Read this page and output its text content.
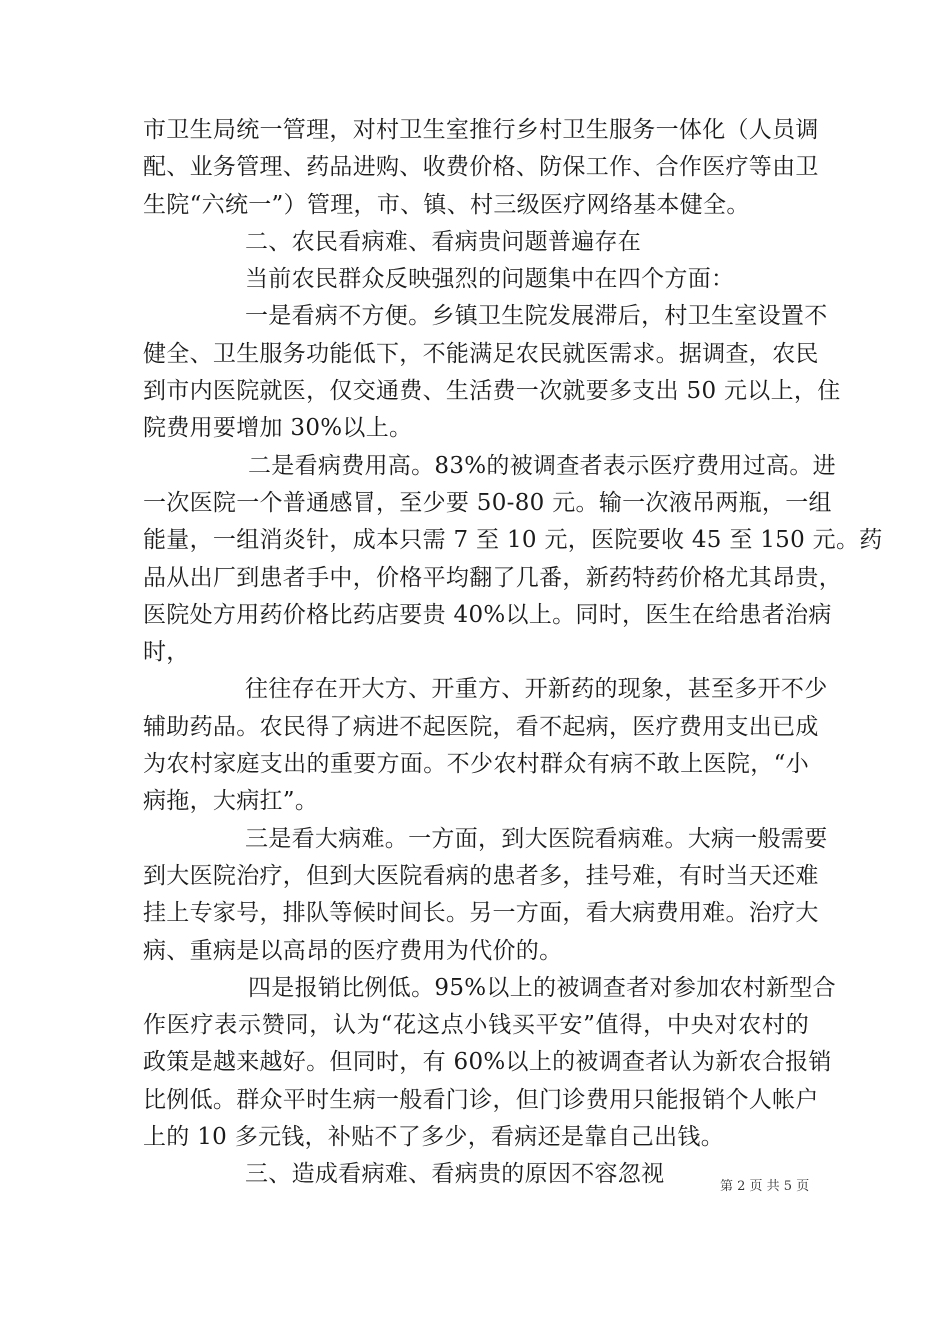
市卫生局统一管理，对村卫生室推行乡村卫生服务一体化（人员调
配、业务管理、药品进购、收费价格、防保工作、合作医疗等由卫
生院“六统一”）管理，市、镇、村三级医疗网络基本健全。
二、农民看病难、看病贵问题普遍存在
当前农民群众反映强烈的问题集中在四个方面：
一是看病不方便。乡镇卫生院发展滞后，村卫生室设置不
健全、卫生服务功能低下，不能满足农民就医需求。据调查，农民
到市内医院就医，仅交通费、生活费一次就要多支出 50 元以上，住
院费用要增加 30%以上。
二是看病费用高。83%的被调查者表示医疗费用过高。进
一次医院一个普通感冒，至少要 50-80 元。输一次液吊两瓶，一组
能量，一组消炎针，成本只需 7 至 10 元，医院要收 45 至 150 元。药
品从出厂到患者手中，价格平均翻了几番，新药特药价格尤其昂贵，
医院处方用药价格比药店要贵 40%以上。同时，医生在给患者治病
时，
往往存在开大方、开重方、开新药的现象，甚至多开不少
辅助药品。农民得了病进不起医院，看不起病，医疗费用支出已成
为农村家庭支出的重要方面。不少农村群众有病不敢上医院，“小
病拖，大病扛”。
三是看大病难。一方面，到大医院看病难。大病一般需要
到大医院治疗，但到大医院看病的患者多，挂号难，有时当天还难
挂上专家号，排队等候时间长。另一方面，看大病费用难。治疗大
病、重病是以高昂的医疗费用为代价的。
四是报销比例低。95%以上的被调查者对参加农村新型合
作医疗表示赞同，认为“花这点小钱买平安”值得，中央对农村的
政策是越来越好。但同时，有 60%以上的被调查者认为新农合报销
比例低。群众平时生病一般看门诊，但门诊费用只能报销个人帐户
上的 10 多元钱，补贴不了多少，看病还是靠自己出钱。
三、造成看病难、看病贵的原因不容忽视	第 2 页 共 5 页
